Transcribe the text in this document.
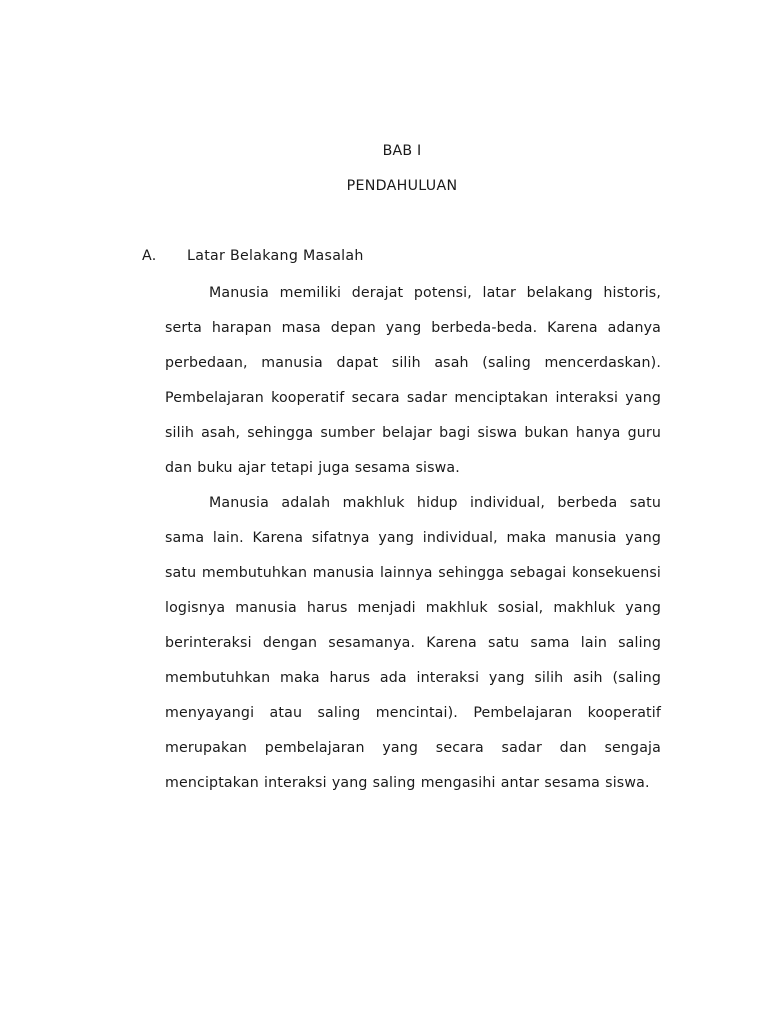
BAB I
PENDAHULUAN
A.	Latar Belakang Masalah

Manusia memiliki derajat potensi, latar belakang historis, serta harapan masa depan yang berbeda-beda. Karena adanya perbedaan, manusia dapat silih asah (saling mencerdaskan). Pembelajaran kooperatif secara sadar menciptakan interaksi yang silih asah, sehingga sumber belajar bagi siswa bukan hanya guru dan buku ajar tetapi juga sesama siswa.

Manusia adalah makhluk hidup individual, berbeda satu sama lain. Karena sifatnya yang individual, maka manusia yang satu membutuhkan manusia lainnya sehingga sebagai konsekuensi logisnya manusia harus menjadi makhluk sosial, makhluk yang berinteraksi dengan sesamanya. Karena satu sama lain saling membutuhkan maka harus ada interaksi yang silih asih (saling menyayangi atau saling mencintai). Pembelajaran kooperatif merupakan pembelajaran yang secara sadar dan sengaja menciptakan interaksi yang saling mengasihi antar sesama siswa.
